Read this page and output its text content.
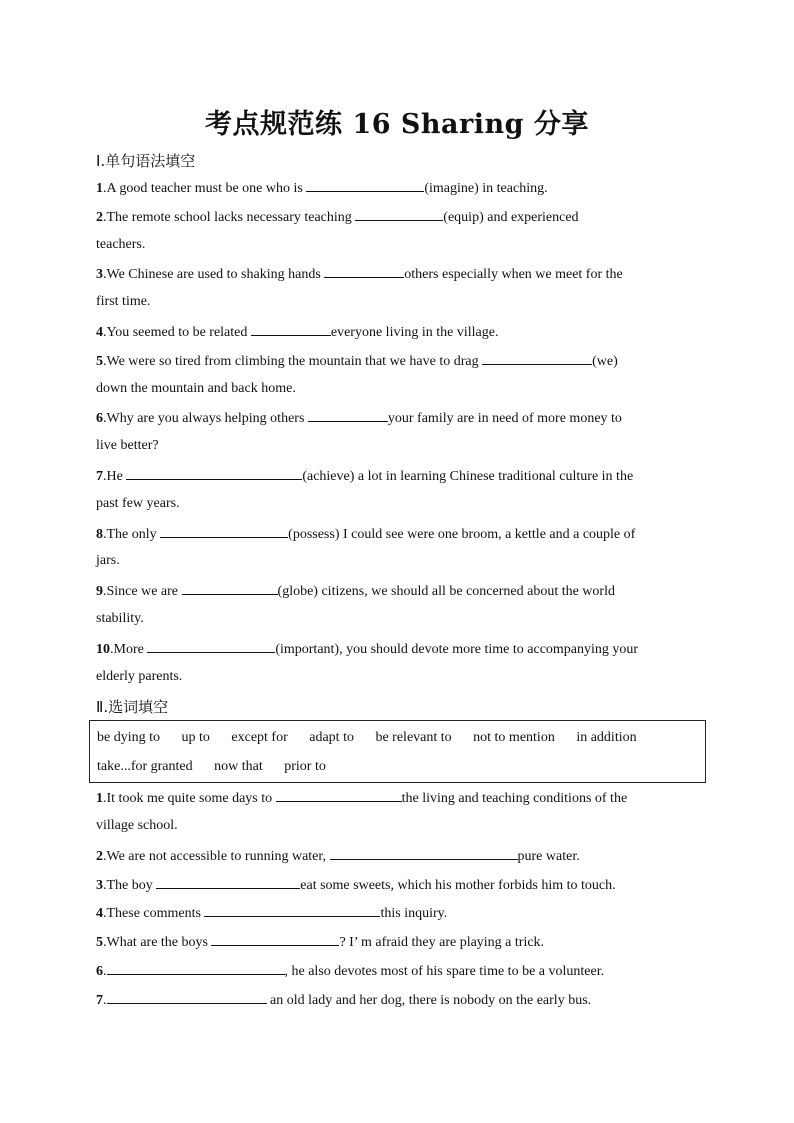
考点规范练 16 Sharing 分享
Ⅰ.单句语法填空
1.A good teacher must be one who is	(imagine) in teaching.
2.The remote school lacks necessary teaching	(equip) and experienced
teachers.
3.We Chinese are used to shaking hands	others especially when we meet for the
first time.
4.You seemed to be related	everyone living in the village.
5.We were so tired from climbing the mountain that we have to drag	(we)
down the mountain and back home.
6.Why are you always helping others	your family are in need of more money to
live better?
7.He	(achieve) a lot in learning Chinese traditional culture in the
past few years.
8.The only	(possess) I could see were one broom, a kettle and a couple of
jars.
9.Since we are	(globe) citizens, we should all be concerned about the world
stability.
10.More	(important), you should devote more time to accompanying your
elderly parents.
Ⅱ.选词填空
be dying to up to except for adapt to be relevant to not to mention in addition
take...for granted now that prior to
1.It took me quite some days to	the living and teaching conditions of the
village school.
2.We are not accessible to running water,	pure water.
3.The boy	eat some sweets, which his mother forbids him to touch.
4.These comments	this inquiry.
5.What are the boys	? I’ m afraid they are playing a trick.
6.	, he also devotes most of his spare time to be a volunteer.
7.	an old lady and her dog, there is nobody on the early bus.
